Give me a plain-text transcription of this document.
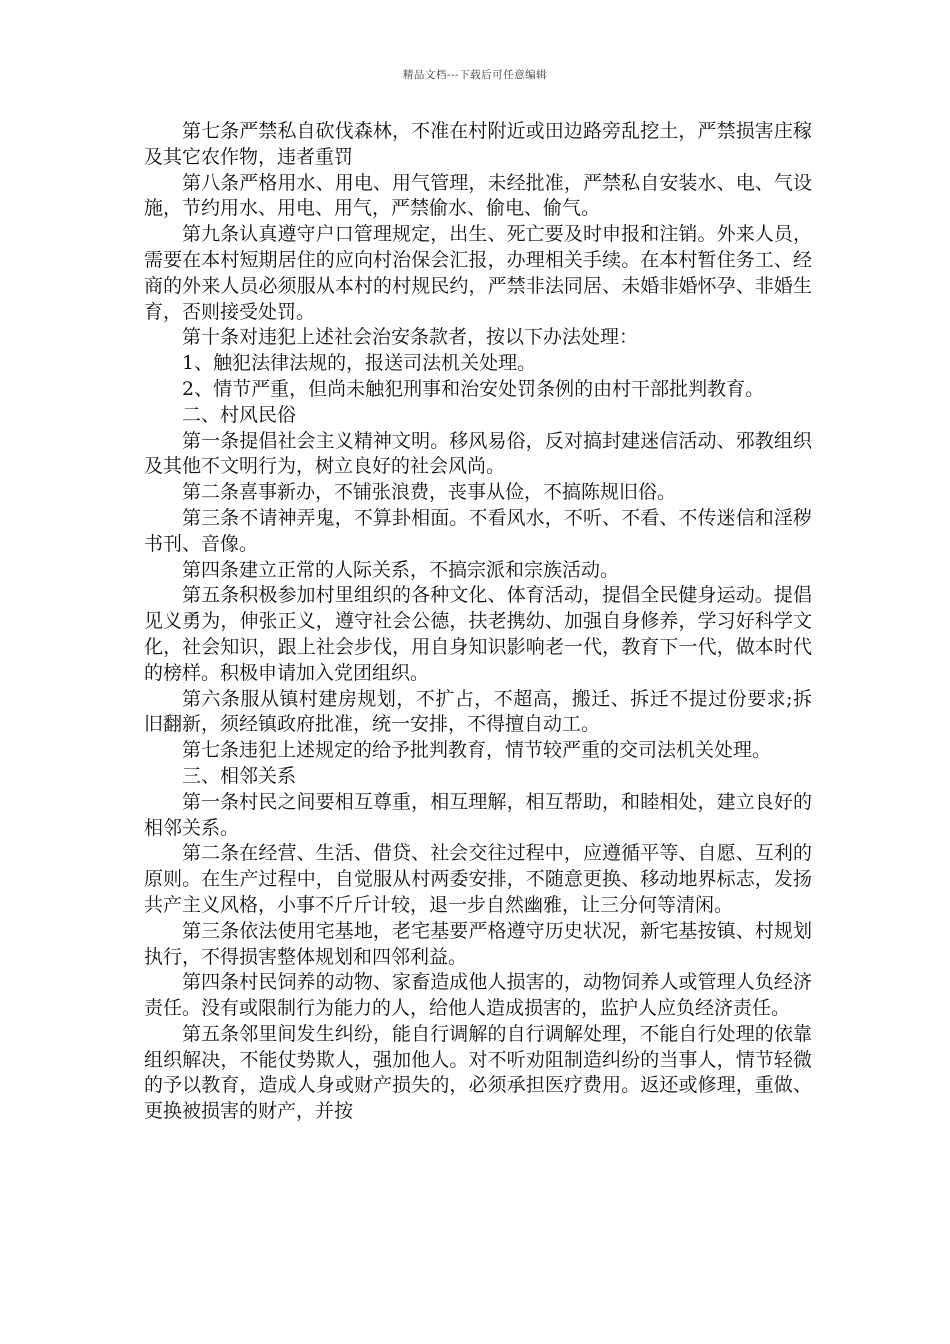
精品文档---下载后可任意编辑

第七条严禁私自砍伐森林，不准在村附近或田边路旁乱挖土，严禁损害庄稼及其它农作物，违者重罚

第八条严格用水、用电、用气管理，未经批准，严禁私自安装水、电、气设施，节约用水、用电、用气，严禁偷水、偷电、偷气。

第九条认真遵守户口管理规定，出生、死亡要及时申报和注销。外来人员，需要在本村短期居住的应向村治保会汇报，办理相关手续。在本村暂住务工、经商的外来人员必须服从本村的村规民约，严禁非法同居、未婚非婚怀孕、非婚生育，否则接受处罚。

第十条对违犯上述社会治安条款者，按以下办法处理：

1、触犯法律法规的，报送司法机关处理。

2、情节严重，但尚未触犯刑事和治安处罚条例的由村干部批判教育。

二、村风民俗

第一条提倡社会主义精神文明。移风易俗，反对搞封建迷信活动、邪教组织及其他不文明行为，树立良好的社会风尚。

第二条喜事新办，不铺张浪费，丧事从俭，不搞陈规旧俗。

第三条不请神弄鬼，不算卦相面。不看风水，不听、不看、不传迷信和淫秽书刊、音像。

第四条建立正常的人际关系，不搞宗派和宗族活动。

第五条积极参加村里组织的各种文化、体育活动，提倡全民健身运动。提倡见义勇为，伸张正义，遵守社会公德，扶老携幼、加强自身修养，学习好科学文化，社会知识，跟上社会步伐，用自身知识影响老一代，教育下一代，做本时代的榜样。积极申请加入党团组织。

第六条服从镇村建房规划，不扩占，不超高，搬迁、拆迁不提过份要求;拆旧翻新，须经镇政府批准，统一安排，不得擅自动工。

第七条违犯上述规定的给予批判教育，情节较严重的交司法机关处理。

三、相邻关系

第一条村民之间要相互尊重，相互理解，相互帮助，和睦相处，建立良好的相邻关系。

第二条在经营、生活、借贷、社会交往过程中，应遵循平等、自愿、互利的原则。在生产过程中，自觉服从村两委安排，不随意更换、移动地界标志，发扬共产主义风格，小事不斤斤计较，退一步自然幽雅，让三分何等清闲。

第三条依法使用宅基地，老宅基要严格遵守历史状况，新宅基按镇、村规划执行，不得损害整体规划和四邻利益。

第四条村民饲养的动物、家畜造成他人损害的，动物饲养人或管理人负经济责任。没有或限制行为能力的人，给他人造成损害的，监护人应负经济责任。

第五条邻里间发生纠纷，能自行调解的自行调解处理，不能自行处理的依靠组织解决，不能仗势欺人，强加他人。对不听劝阻制造纠纷的当事人，情节轻微的予以教育，造成人身或财产损失的，必须承担医疗费用。返还或修理，重做、更换被损害的财产，并按
